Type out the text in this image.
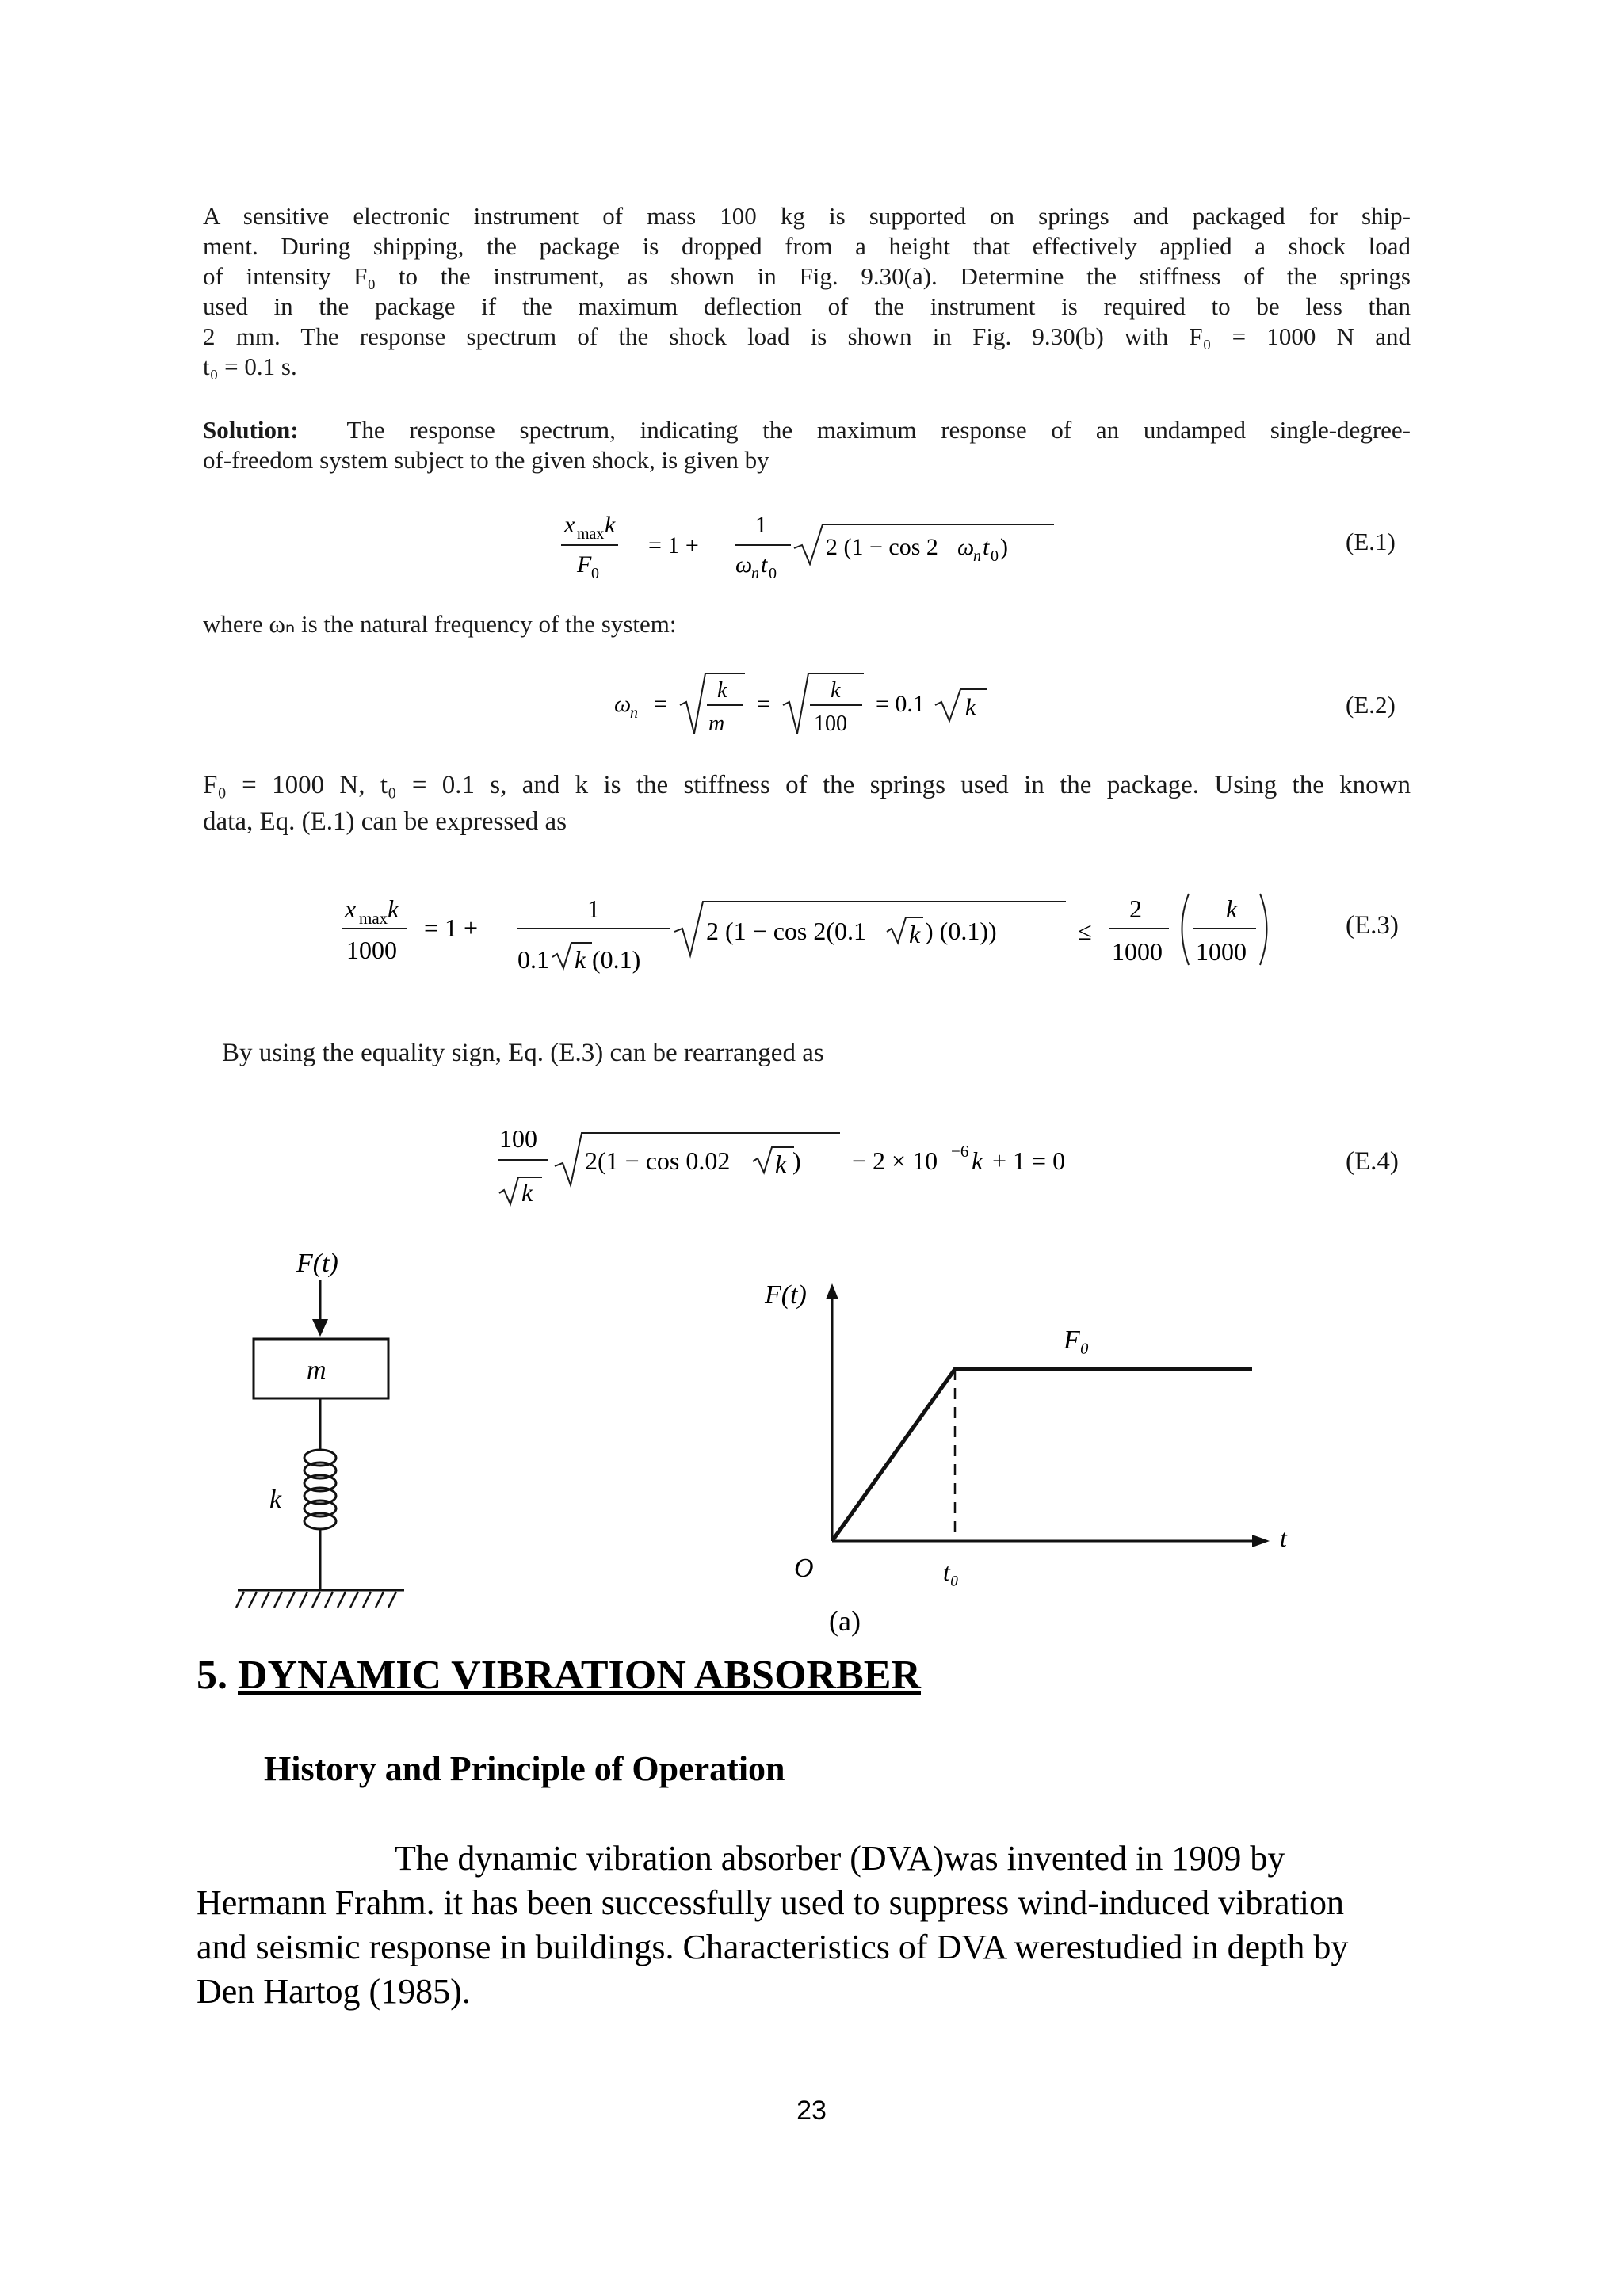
A sensitive electronic instrument of mass 100 kg is supported on springs and packaged for ship-
ment. During shipping, the package is dropped from a height that effectively applied a shock load
of intensity F₀ to the instrument, as shown in Fig. 9.30(a). Determine the stiffness of the springs
used in the package if the maximum deflection of the instrument is required to be less than
2 mm. The response spectrum of the shock load is shown in Fig. 9.30(b) with F₀ = 1000 N and
t₀ = 0.1 s.
Solution: The response spectrum, indicating the maximum response of an undamped single-degree-
of-freedom system subject to the given shock, is given by
x max k
F 0
= 1 +
1
ω
n t 0
2 (1 − cos 2 ω
n t 0 )	(E.1)
where ωₙ is the natural frequency of the system:
ω
n =
k
m
=
k
100
= 0.1 k	(E.2)
F₀ = 1000 N, t₀ = 0.1 s, and k is the stiffness of the springs used in the package. Using the known
data, Eq. (E.1) can be expressed as
x max k
1000
= 1 +
1
0.1 k (0.1)
2 (1 − cos 2(0.1 k ) (0.1))	≤
2
1000
k
1000
(E.3)
By using the equality sign, Eq. (E.3) can be rearranged as
100
k
2(1 − cos 0.02 k ) − 2 × 10 −6 k + 1 = 0	(E.4)
F(t)
m
k
F(t)
t
F₀
O	t₀
(a)
5. DYNAMIC VIBRATION ABSORBER
History and Principle of Operation
The dynamic vibration absorber (DVA)was invented in 1909 by Hermann Frahm. it has been successfully used to suppress wind-induced vibration and seismic response in buildings. Characteristics of DVA werestudied in depth by Den Hartog (1985).
23
